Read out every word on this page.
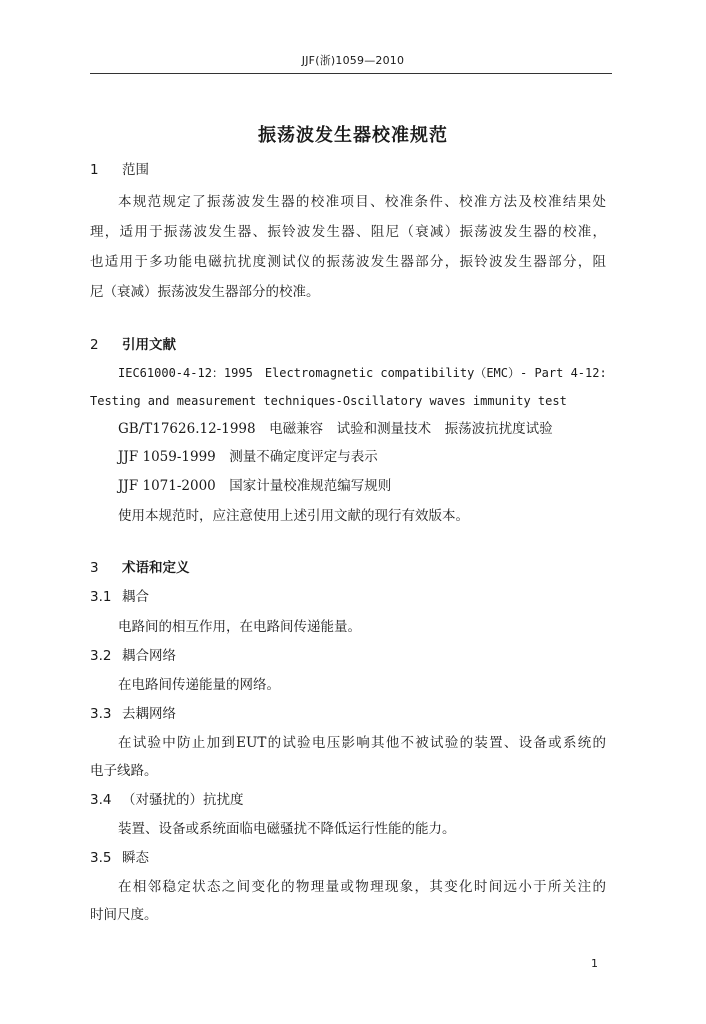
JJF(浙)1059—2010
振荡波发生器校准规范
1 范围
本规范规定了振荡波发生器的校准项目、校准条件、校准方法及校准结果处
理，适用于振荡波发生器、振铃波发生器、阻尼（衰减）振荡波发生器的校准，
也适用于多功能电磁抗扰度测试仪的振荡波发生器部分，振铃波发生器部分，阻
尼（衰减）振荡波发生器部分的校准。
2 引用文献
IEC61000-4-12：1995　Electromagnetic compatibility（EMC）- Part 4-12:
Testing and measurement techniques-Oscillatory waves immunity test
GB/T17626.12-1998　电磁兼容　试验和测量技术　振荡波抗扰度试验
JJF 1059-1999　测量不确定度评定与表示
JJF 1071-2000　国家计量校准规范编写规则
使用本规范时，应注意使用上述引用文献的现行有效版本。
3 术语和定义
3.1 耦合
电路间的相互作用，在电路间传递能量。
3.2 耦合网络
在电路间传递能量的网络。
3.3 去耦网络
在试验中防止加到EUT的试验电压影响其他不被试验的装置、设备或系统的
电子线路。
3.4 （对骚扰的）抗扰度
装置、设备或系统面临电磁骚扰不降低运行性能的能力。
3.5 瞬态
在相邻稳定状态之间变化的物理量或物理现象，其变化时间远小于所关注的
时间尺度。
1
